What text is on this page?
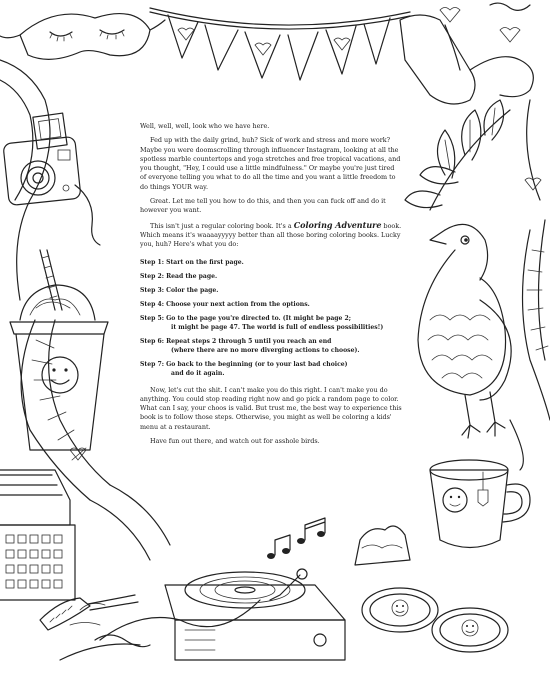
Well, well, well, look who we have here.

Fed up with the daily grind, huh? Sick of work and stress and more work? Maybe you were doomscrolling through influencer Instagram, looking at all the spotless marble countertops and yoga stretches and free tropical vacations, and you thought, "Hey, I could use a little mindfulness." Or maybe you're just tired of everyone telling you what to do all the time and you want a little freedom to do things YOUR way.

Great. Let me tell you how to do this, and then you can fuck off and do it however you want.

This isn't just a regular coloring book. It's a Coloring Adventure book. Which means it's waaaayyyyy better than all those boring coloring books. Lucky you, huh? Here's what you do:

Step 1: Start on the first page.
Step 2: Read the page.
Step 3: Color the page.
Step 4: Choose your next action from the options.
Step 5: Go to the page you're directed to. (It might be page 2;
it might be page 47. The world is full of endless possibilities!)
Step 6: Repeat steps 2 through 5 until you reach an end
(where there are no more diverging actions to choose).
Step 7: Go back to the beginning (or to your last bad choice)
and do it again.

Now, let's cut the shit. I can't make you do this right. I can't make you do anything. You could stop reading right now and go pick a random page to color. What can I say, your choos is valid. But trust me, the best way to experience this book is to follow those steps. Otherwise, you might as well be coloring a kids' menu at a restaurant.

Have fun out there, and watch out for asshole birds.
